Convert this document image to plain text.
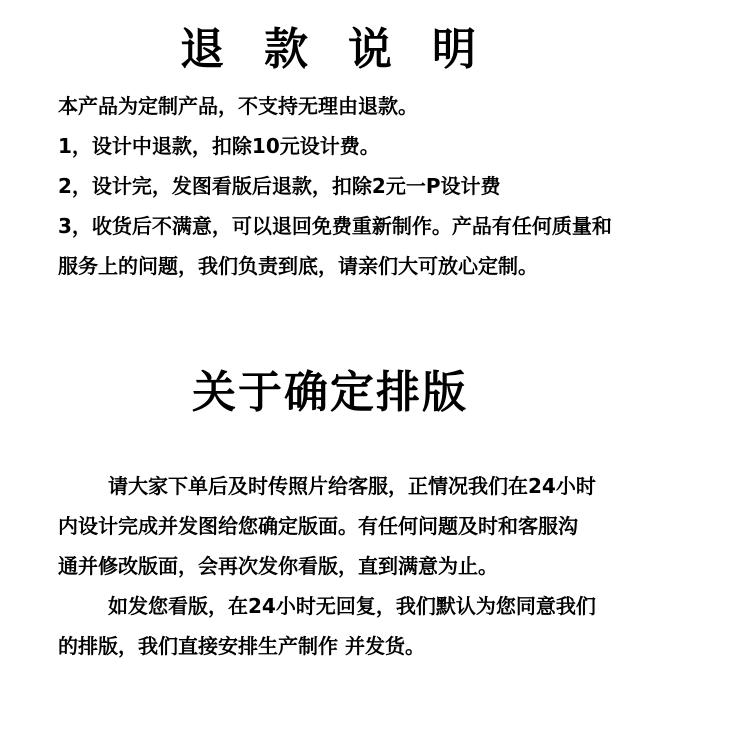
退款说明
本产品为定制产品，不支持无理由退款。
1，设计中退款，扣除10元设计费。
2，设计完，发图看版后退款，扣除2元一P设计费
3，收货后不满意，可以退回免费重新制作。产品有任何质量和
服务上的问题，我们负责到底，请亲们大可放心定制。
关于确定排版
请大家下单后及时传照片给客服，正情况我们在24小时
内设计完成并发图给您确定版面。有任何问题及时和客服沟
通并修改版面，会再次发你看版，直到满意为止。
如发您看版，在24小时无回复，我们默认为您同意我们
的排版，我们直接安排生产制作 并发货。
